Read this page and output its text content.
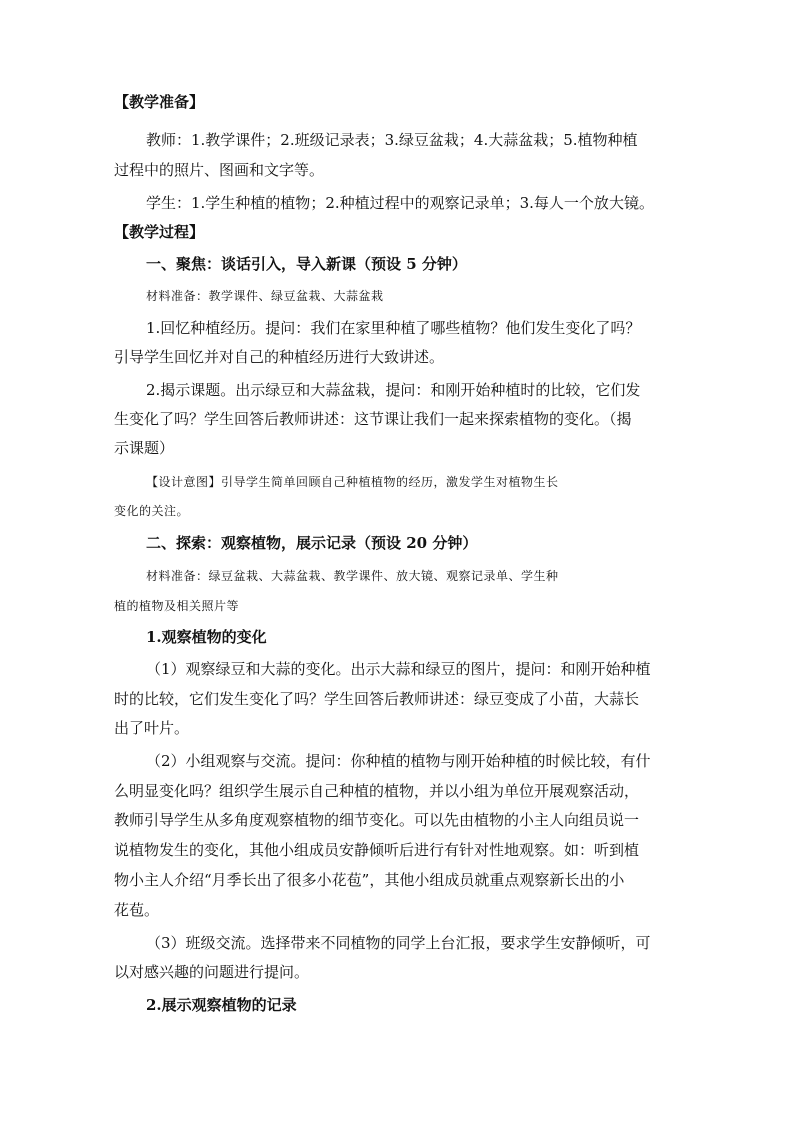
【教学准备】
教师：1.教学课件；2.班级记录表；3.绿豆盆栽；4.大蒜盆栽；5.植物种植
过程中的照片、图画和文字等。
学生：1.学生种植的植物；2.种植过程中的观察记录单；3.每人一个放大镜。
【教学过程】
一、聚焦：谈话引入，导入新课（预设 5 分钟）
材料准备：教学课件、绿豆盆栽、大蒜盆栽
1.回忆种植经历。提问：我们在家里种植了哪些植物？他们发生变化了吗？
引导学生回忆并对自己的种植经历进行大致讲述。
2.揭示课题。出示绿豆和大蒜盆栽，提问：和刚开始种植时的比较，它们发
生变化了吗？学生回答后教师讲述：这节课让我们一起来探索植物的变化。（揭
示课题）
【设计意图】引导学生简单回顾自己种植植物的经历，激发学生对植物生长
变化的关注。
二、探索：观察植物，展示记录（预设 20 分钟）
材料准备：绿豆盆栽、大蒜盆栽、教学课件、放大镜、观察记录单、学生种
植的植物及相关照片等
1.观察植物的变化
（1）观察绿豆和大蒜的变化。出示大蒜和绿豆的图片，提问：和刚开始种植
时的比较，它们发生变化了吗？学生回答后教师讲述：绿豆变成了小苗，大蒜长
出了叶片。
（2）小组观察与交流。提问：你种植的植物与刚开始种植的时候比较，有什
么明显变化吗？组织学生展示自己种植的植物，并以小组为单位开展观察活动，
教师引导学生从多角度观察植物的细节变化。可以先由植物的小主人向组员说一
说植物发生的变化，其他小组成员安静倾听后进行有针对性地观察。如：听到植
物小主人介绍“月季长出了很多小花苞”，其他小组成员就重点观察新长出的小
花苞。
（3）班级交流。选择带来不同植物的同学上台汇报，要求学生安静倾听，可
以对感兴趣的问题进行提问。
2.展示观察植物的记录
